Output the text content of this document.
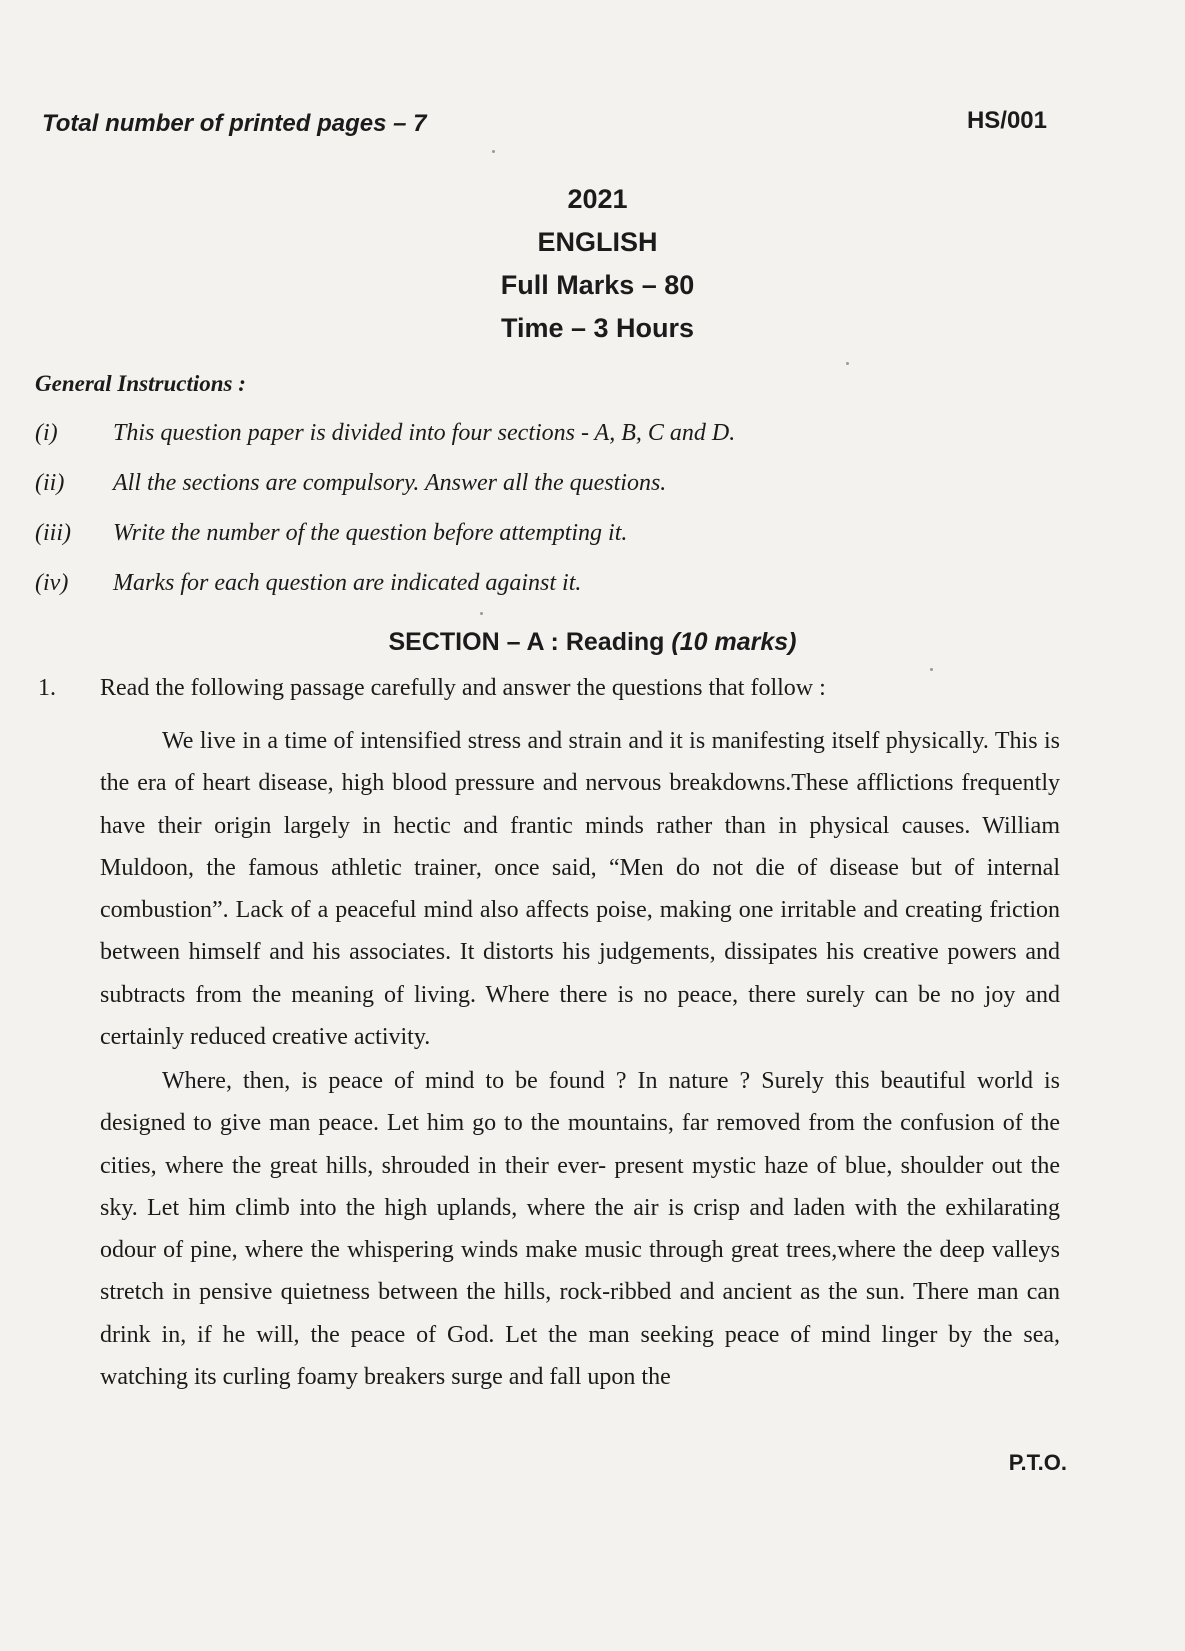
Total number of printed pages – 7	HS/001
2021
ENGLISH
Full Marks – 80
Time – 3 Hours
General Instructions :
(i) This question paper is divided into four sections - A, B, C and D.
(ii) All the sections are compulsory. Answer all the questions.
(iii) Write the number of the question before attempting it.
(iv) Marks for each question are indicated against it.
SECTION – A : Reading (10 marks)
1. Read the following passage carefully and answer the questions that follow :

We live in a time of intensified stress and strain and it is manifesting itself physically. This is the era of heart disease, high blood pressure and nervous breakdowns.These afflictions frequently have their origin largely in hectic and frantic minds rather than in physical causes. William Muldoon, the famous athletic trainer, once said, “Men do not die of disease but of internal combustion”. Lack of a peaceful mind also affects poise, making one irritable and creating friction between himself and his associates. It distorts his judgements, dissipates his creative powers and subtracts from the meaning of living. Where there is no peace, there surely can be no joy and certainly reduced creative activity.

Where, then, is peace of mind to be found ? In nature ? Surely this beautiful world is designed to give man peace. Let him go to the mountains, far removed from the confusion of the cities, where the great hills, shrouded in their ever- present mystic haze of blue, shoulder out the sky. Let him climb into the high uplands, where the air is crisp and laden with the exhilarating odour of pine, where the whispering winds make music through great trees,where the deep valleys stretch in pensive quietness between the hills, rock-ribbed and ancient as the sun. There man can drink in, if he will, the peace of God. Let the man seeking peace of mind linger by the sea, watching its curling foamy breakers surge and fall upon the

P.T.O.
